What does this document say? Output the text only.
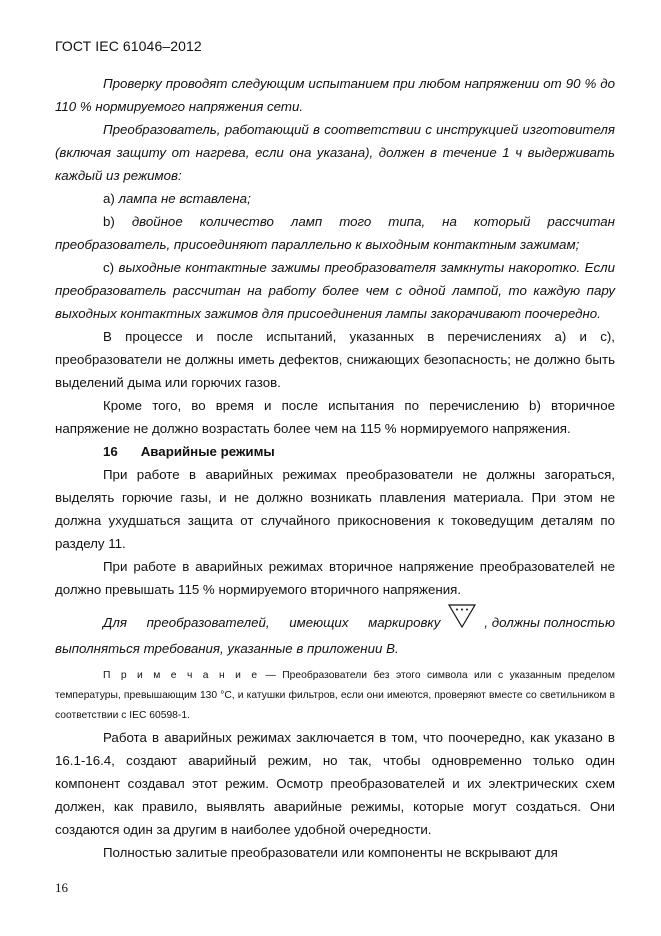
ГОСТ IEC 61046–2012

Проверку проводят следующим испытанием при любом напряжении от 90 % до 110 % нормируемого напряжения сети.

Преобразователь, работающий в соответствии с инструкцией изготовителя (включая защиту от нагрева, если она указана), должен в течение 1 ч выдерживать каждый из режимов:

a) лампа не вставлена;

b) двойное количество ламп того типа, на который рассчитан

преобразователь, присоединяют параллельно к выходным контактным зажимам;

c) выходные контактные зажимы преобразователя замкнуты накоротко. Если преобразователь рассчитан на работу более чем с одной лампой, то каждую пару выходных контактных зажимов для присоединения лампы закорачивают поочередно.

В процессе и после испытаний, указанных в перечислениях а) и с), преобразователи не должны иметь дефектов, снижающих безопасность; не должно быть выделений дыма или горючих газов.

Кроме того, во время и после испытания по перечислению b) вторичное напряжение не должно возрастать более чем на 115 % нормируемого напряжения.

16 Аварийные режимы

При работе в аварийных режимах преобразователи не должны загораться, выделять горючие газы, и не должно возникать плавления материала. При этом не должна ухудшаться защита от случайного прикосновения к токоведущим деталям по разделу 11.

При работе в аварийных режимах вторичное напряжение преобразователей не должно превышать 115 % нормируемого вторичного напряжения.

Для преобразователей, имеющих маркировку	, должны полностью

выполняться требования, указанные в приложении В.

П р и м е ч а н и е — Преобразователи без этого символа или с указанным пределом температуры, превышающим 130 °С, и катушки фильтров, если они имеются, проверяют вместе со светильником в соответствии с IEC 60598-1.

Работа в аварийных режимах заключается в том, что поочередно, как указано в 16.1-16.4, создают аварийный режим, но так, чтобы одновременно только один компонент создавал этот режим. Осмотр преобразователей и их электрических схем должен, как правило, выявлять аварийные режимы, которые могут создаться. Они создаются один за другим в наиболее удобной очередности.

Полностью залитые преобразователи или компоненты не вскрывают для

16
